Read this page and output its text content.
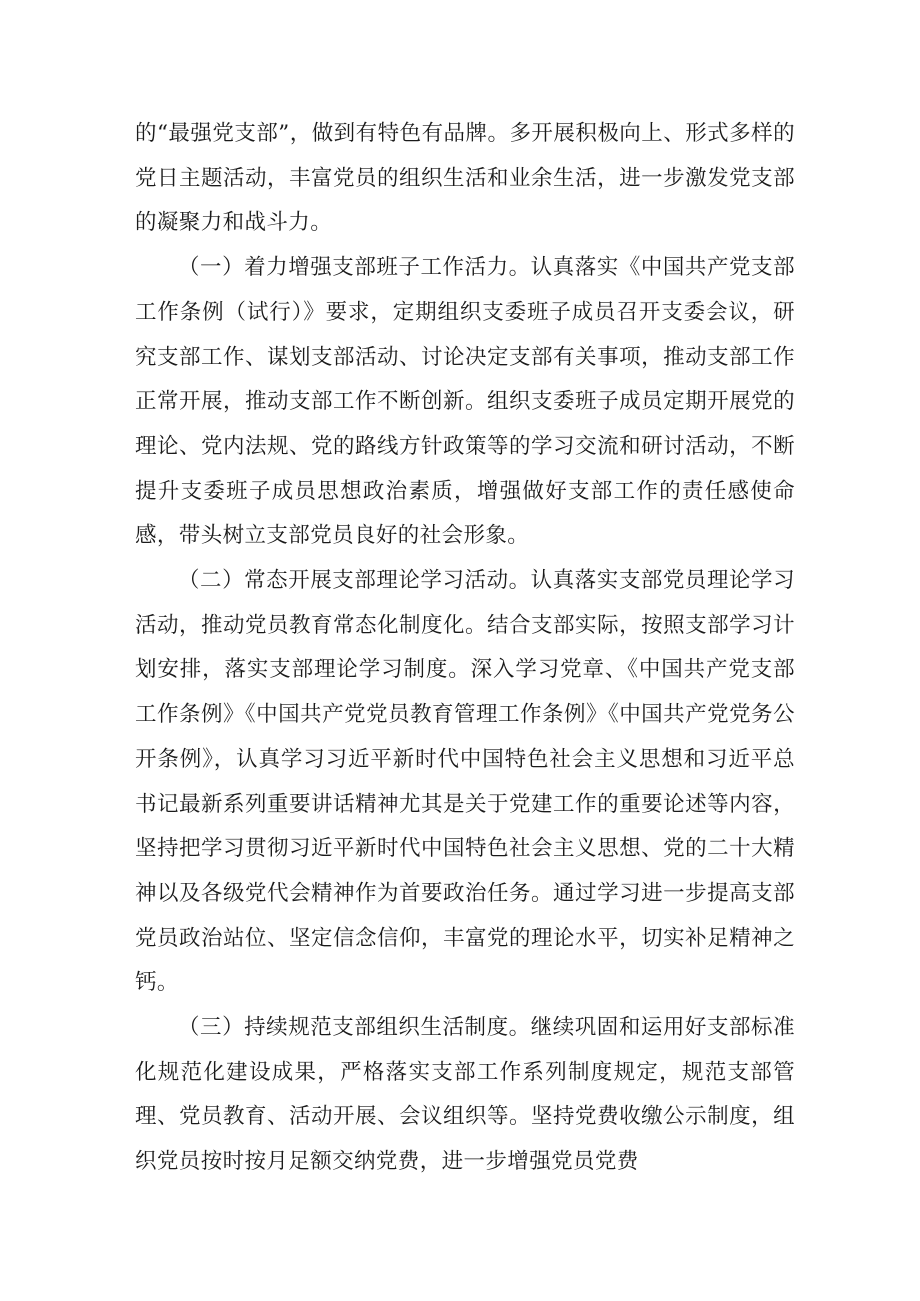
的“最强党支部”，做到有特色有品牌。多开展积极向上、形式多样的党日主题活动，丰富党员的组织生活和业余生活，进一步激发党支部的凝聚力和战斗力。

（一）着力增强支部班子工作活力。认真落实《中国共产党支部工作条例（试行）》要求，定期组织支委班子成员召开支委会议，研究支部工作、谋划支部活动、讨论决定支部有关事项，推动支部工作正常开展，推动支部工作不断创新。组织支委班子成员定期开展党的理论、党内法规、党的路线方针政策等的学习交流和研讨活动，不断提升支委班子成员思想政治素质，增强做好支部工作的责任感使命感，带头树立支部党员良好的社会形象。

（二）常态开展支部理论学习活动。认真落实支部党员理论学习活动，推动党员教育常态化制度化。结合支部实际，按照支部学习计划安排，落实支部理论学习制度。深入学习党章、《中国共产党支部工作条例》《中国共产党党员教育管理工作条例》《中国共产党党务公开条例》，认真学习习近平新时代中国特色社会主义思想和习近平总书记最新系列重要讲话精神尤其是关于党建工作的重要论述等内容，坚持把学习贯彻习近平新时代中国特色社会主义思想、党的二十大精神以及各级党代会精神作为首要政治任务。通过学习进一步提高支部党员政治站位、坚定信念信仰，丰富党的理论水平，切实补足精神之钙。

（三）持续规范支部组织生活制度。继续巩固和运用好支部标准化规范化建设成果，严格落实支部工作系列制度规定，规范支部管理、党员教育、活动开展、会议组织等。坚持党费收缴公示制度，组织党员按时按月足额交纳党费，进一步增强党员党费
